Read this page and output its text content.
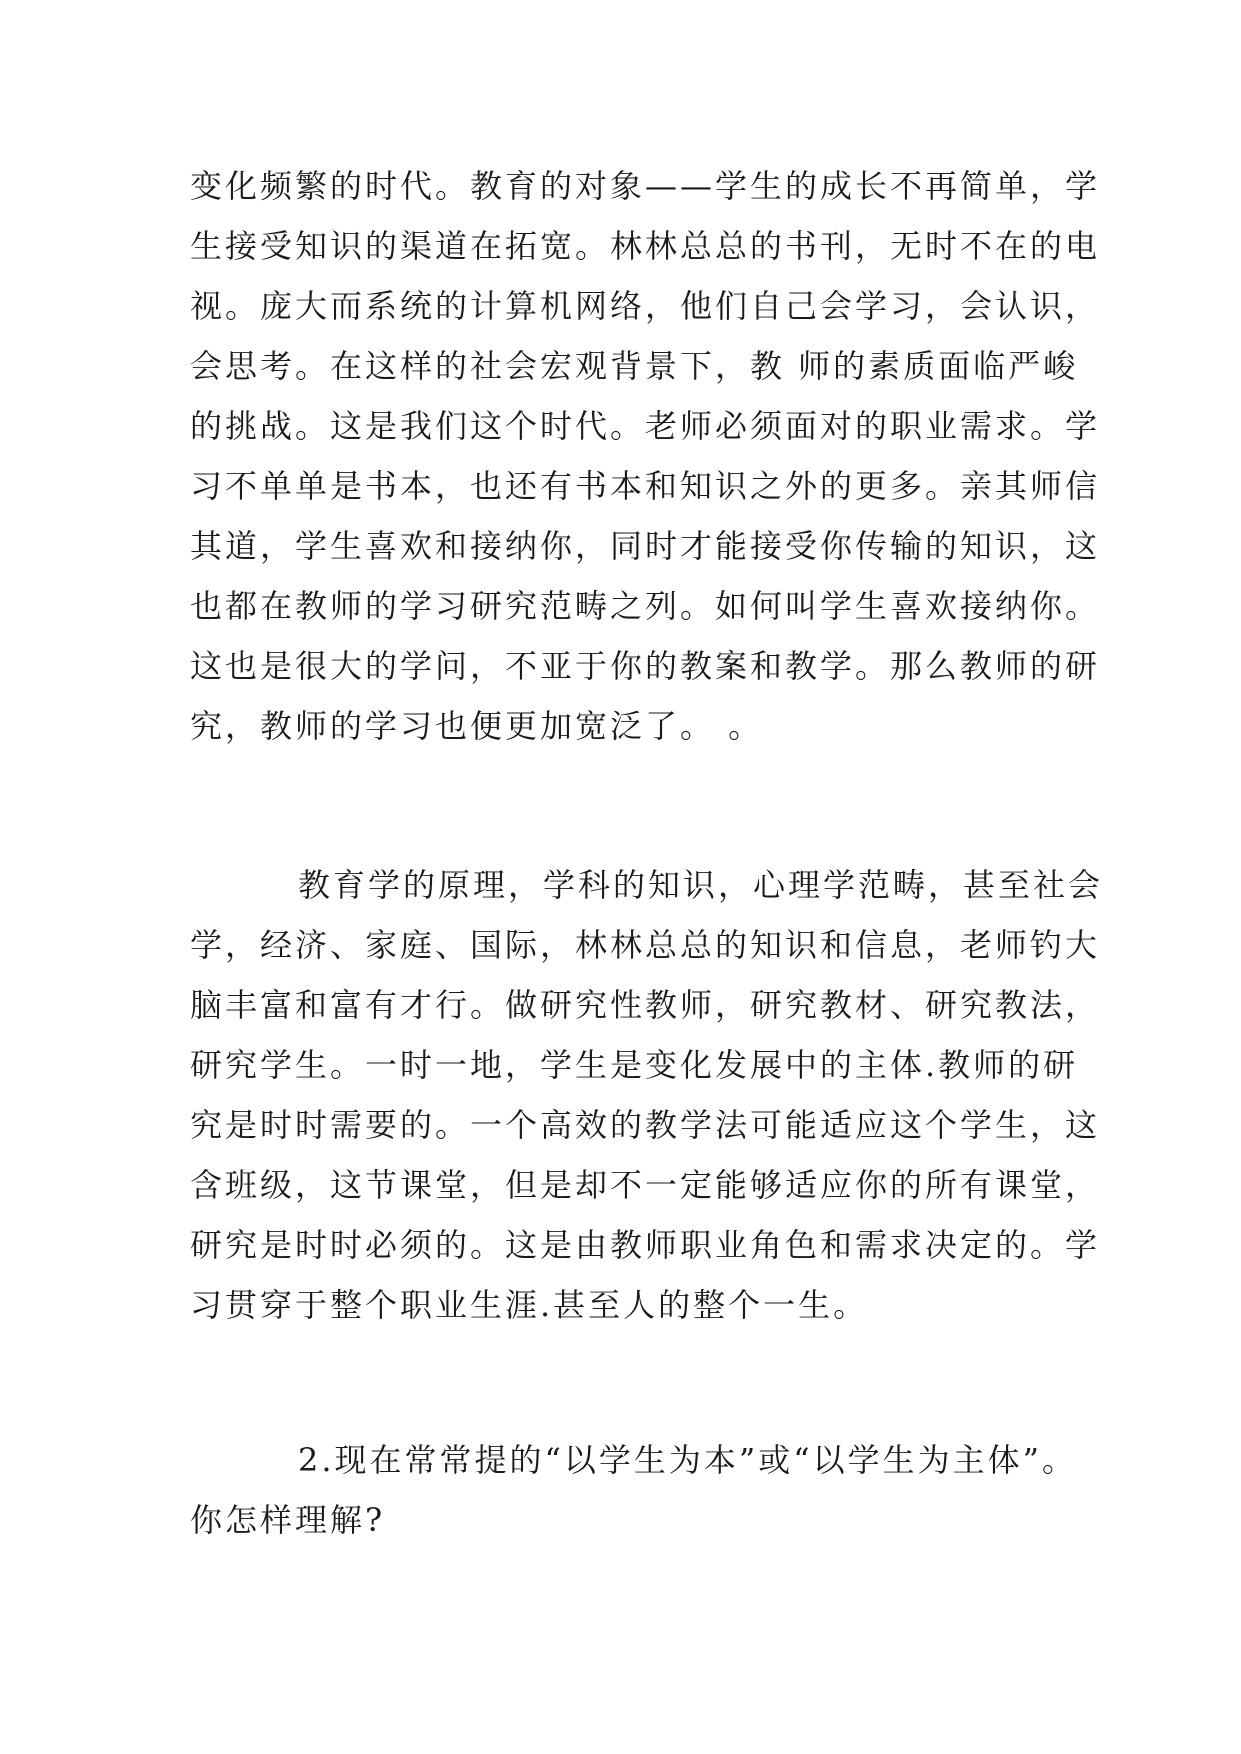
变化频繁的时代。教育的对象——学生的成长不再简单，学
生接受知识的渠道在拓宽。林林总总的书刊，无时不在的电
视。庞大而系统的计算机网络，他们自己会学习，会认识，
会思考。在这样的社会宏观背景下，教 师的素质面临严峻
的挑战。这是我们这个时代。老师必须面对的职业需求。学
习不单单是书本，也还有书本和知识之外的更多。亲其师信
其道，学生喜欢和接纳你，同时才能接受你传输的知识，这
也都在教师的学习研究范畴之列。如何叫学生喜欢接纳你。
这也是很大的学问，不亚于你的教案和教学。那么教师的研
究，教师的学习也便更加宽泛了。 。
教育学的原理，学科的知识，心理学范畴，甚至社会
学，经济、家庭、国际，林林总总的知识和信息，老师钓大
脑丰富和富有才行。做研究性教师，研究教材、研究教法，
研究学生。一时一地，学生是变化发展中的主体.教师的研
究是时时需要的。一个高效的教学法可能适应这个学生，这
含班级，这节课堂，但是却不一定能够适应你的所有课堂，
研究是时时必须的。这是由教师职业角色和需求决定的。学
习贯穿于整个职业生涯.甚至人的整个一生。
2.现在常常提的“以学生为本”或“以学生为主体”。
你怎样理解?
